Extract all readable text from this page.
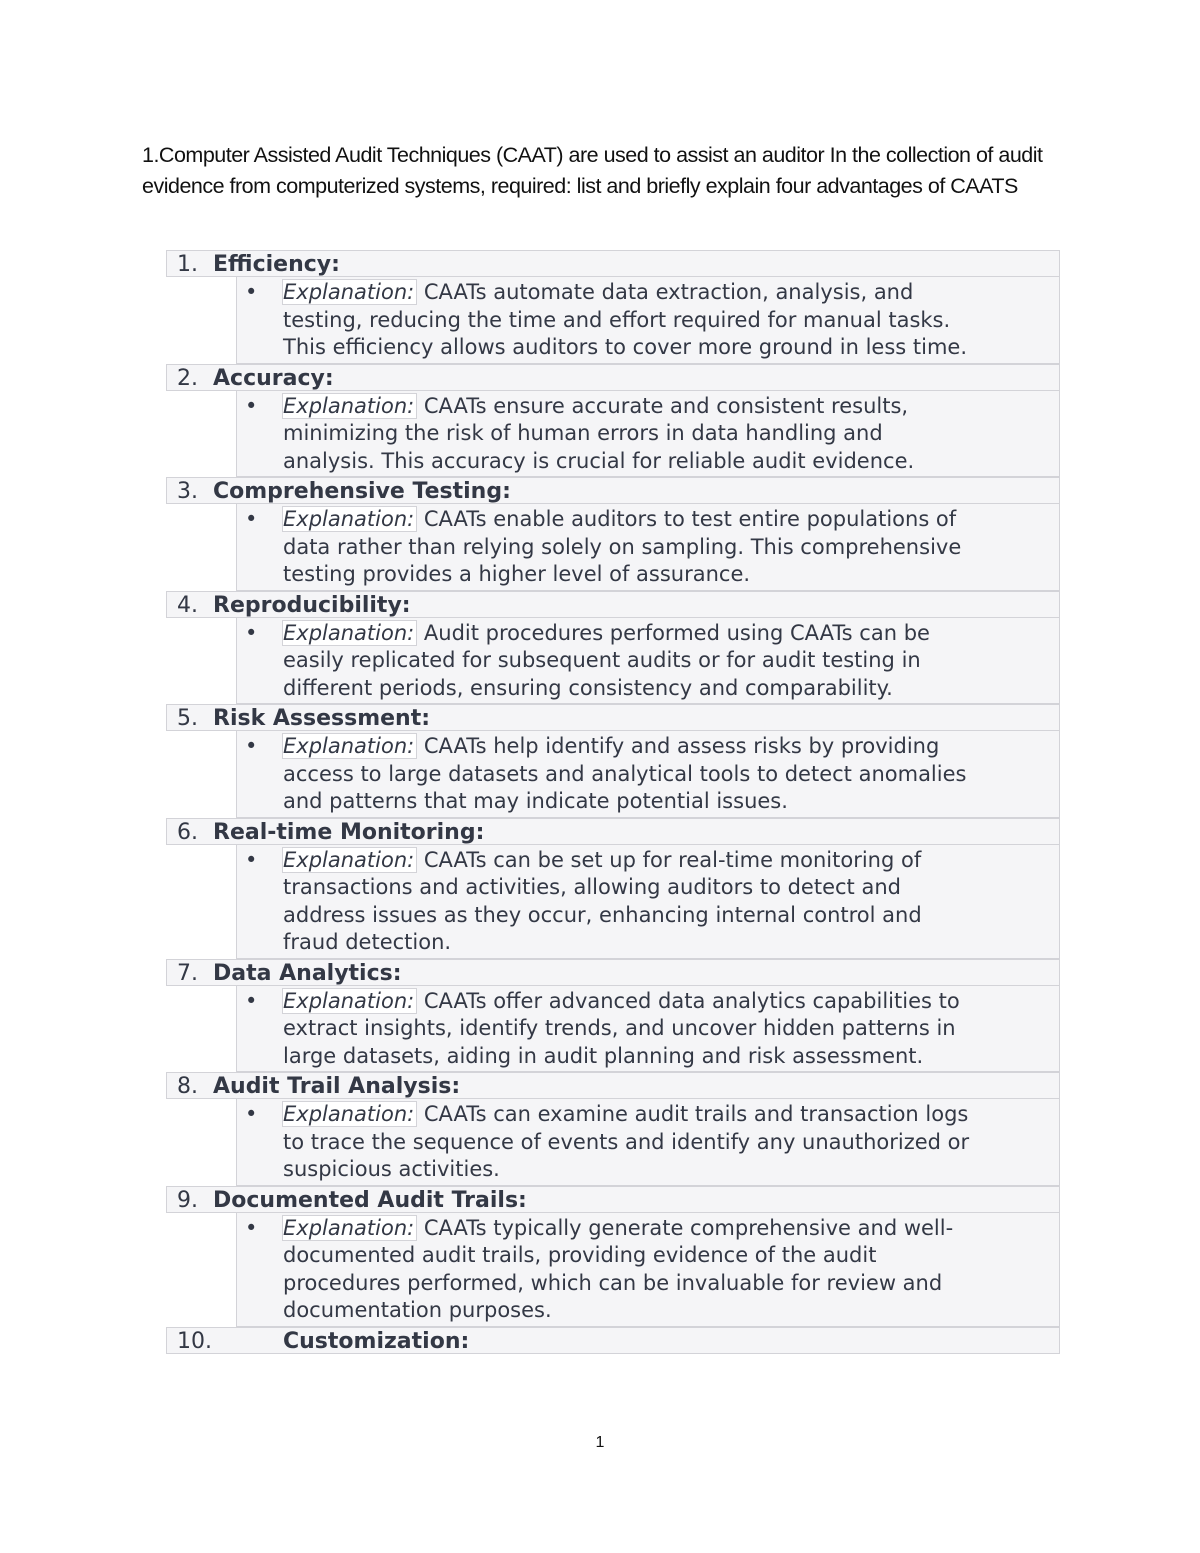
1.Computer Assisted Audit Techniques (CAAT) are used to assist an auditor In the collection of audit evidence from computerized systems, required: list and briefly explain four advantages of CAATS

1. Efficiency:
• Explanation: CAATs automate data extraction, analysis, and
testing, reducing the time and effort required for manual tasks.
This efficiency allows auditors to cover more ground in less time.
2. Accuracy:
• Explanation: CAATs ensure accurate and consistent results,
minimizing the risk of human errors in data handling and
analysis. This accuracy is crucial for reliable audit evidence.
3. Comprehensive Testing:
• Explanation: CAATs enable auditors to test entire populations of
data rather than relying solely on sampling. This comprehensive
testing provides a higher level of assurance.
4. Reproducibility:
• Explanation: Audit procedures performed using CAATs can be
easily replicated for subsequent audits or for audit testing in
different periods, ensuring consistency and comparability.
5. Risk Assessment:
• Explanation: CAATs help identify and assess risks by providing
access to large datasets and analytical tools to detect anomalies
and patterns that may indicate potential issues.
6. Real-time Monitoring:
• Explanation: CAATs can be set up for real-time monitoring of
transactions and activities, allowing auditors to detect and
address issues as they occur, enhancing internal control and
fraud detection.
7. Data Analytics:
• Explanation: CAATs offer advanced data analytics capabilities to
extract insights, identify trends, and uncover hidden patterns in
large datasets, aiding in audit planning and risk assessment.
8. Audit Trail Analysis:
• Explanation: CAATs can examine audit trails and transaction logs
to trace the sequence of events and identify any unauthorized or
suspicious activities.
9. Documented Audit Trails:
• Explanation: CAATs typically generate comprehensive and well-
documented audit trails, providing evidence of the audit
procedures performed, which can be invaluable for review and
documentation purposes.
10.	Customization:
1
